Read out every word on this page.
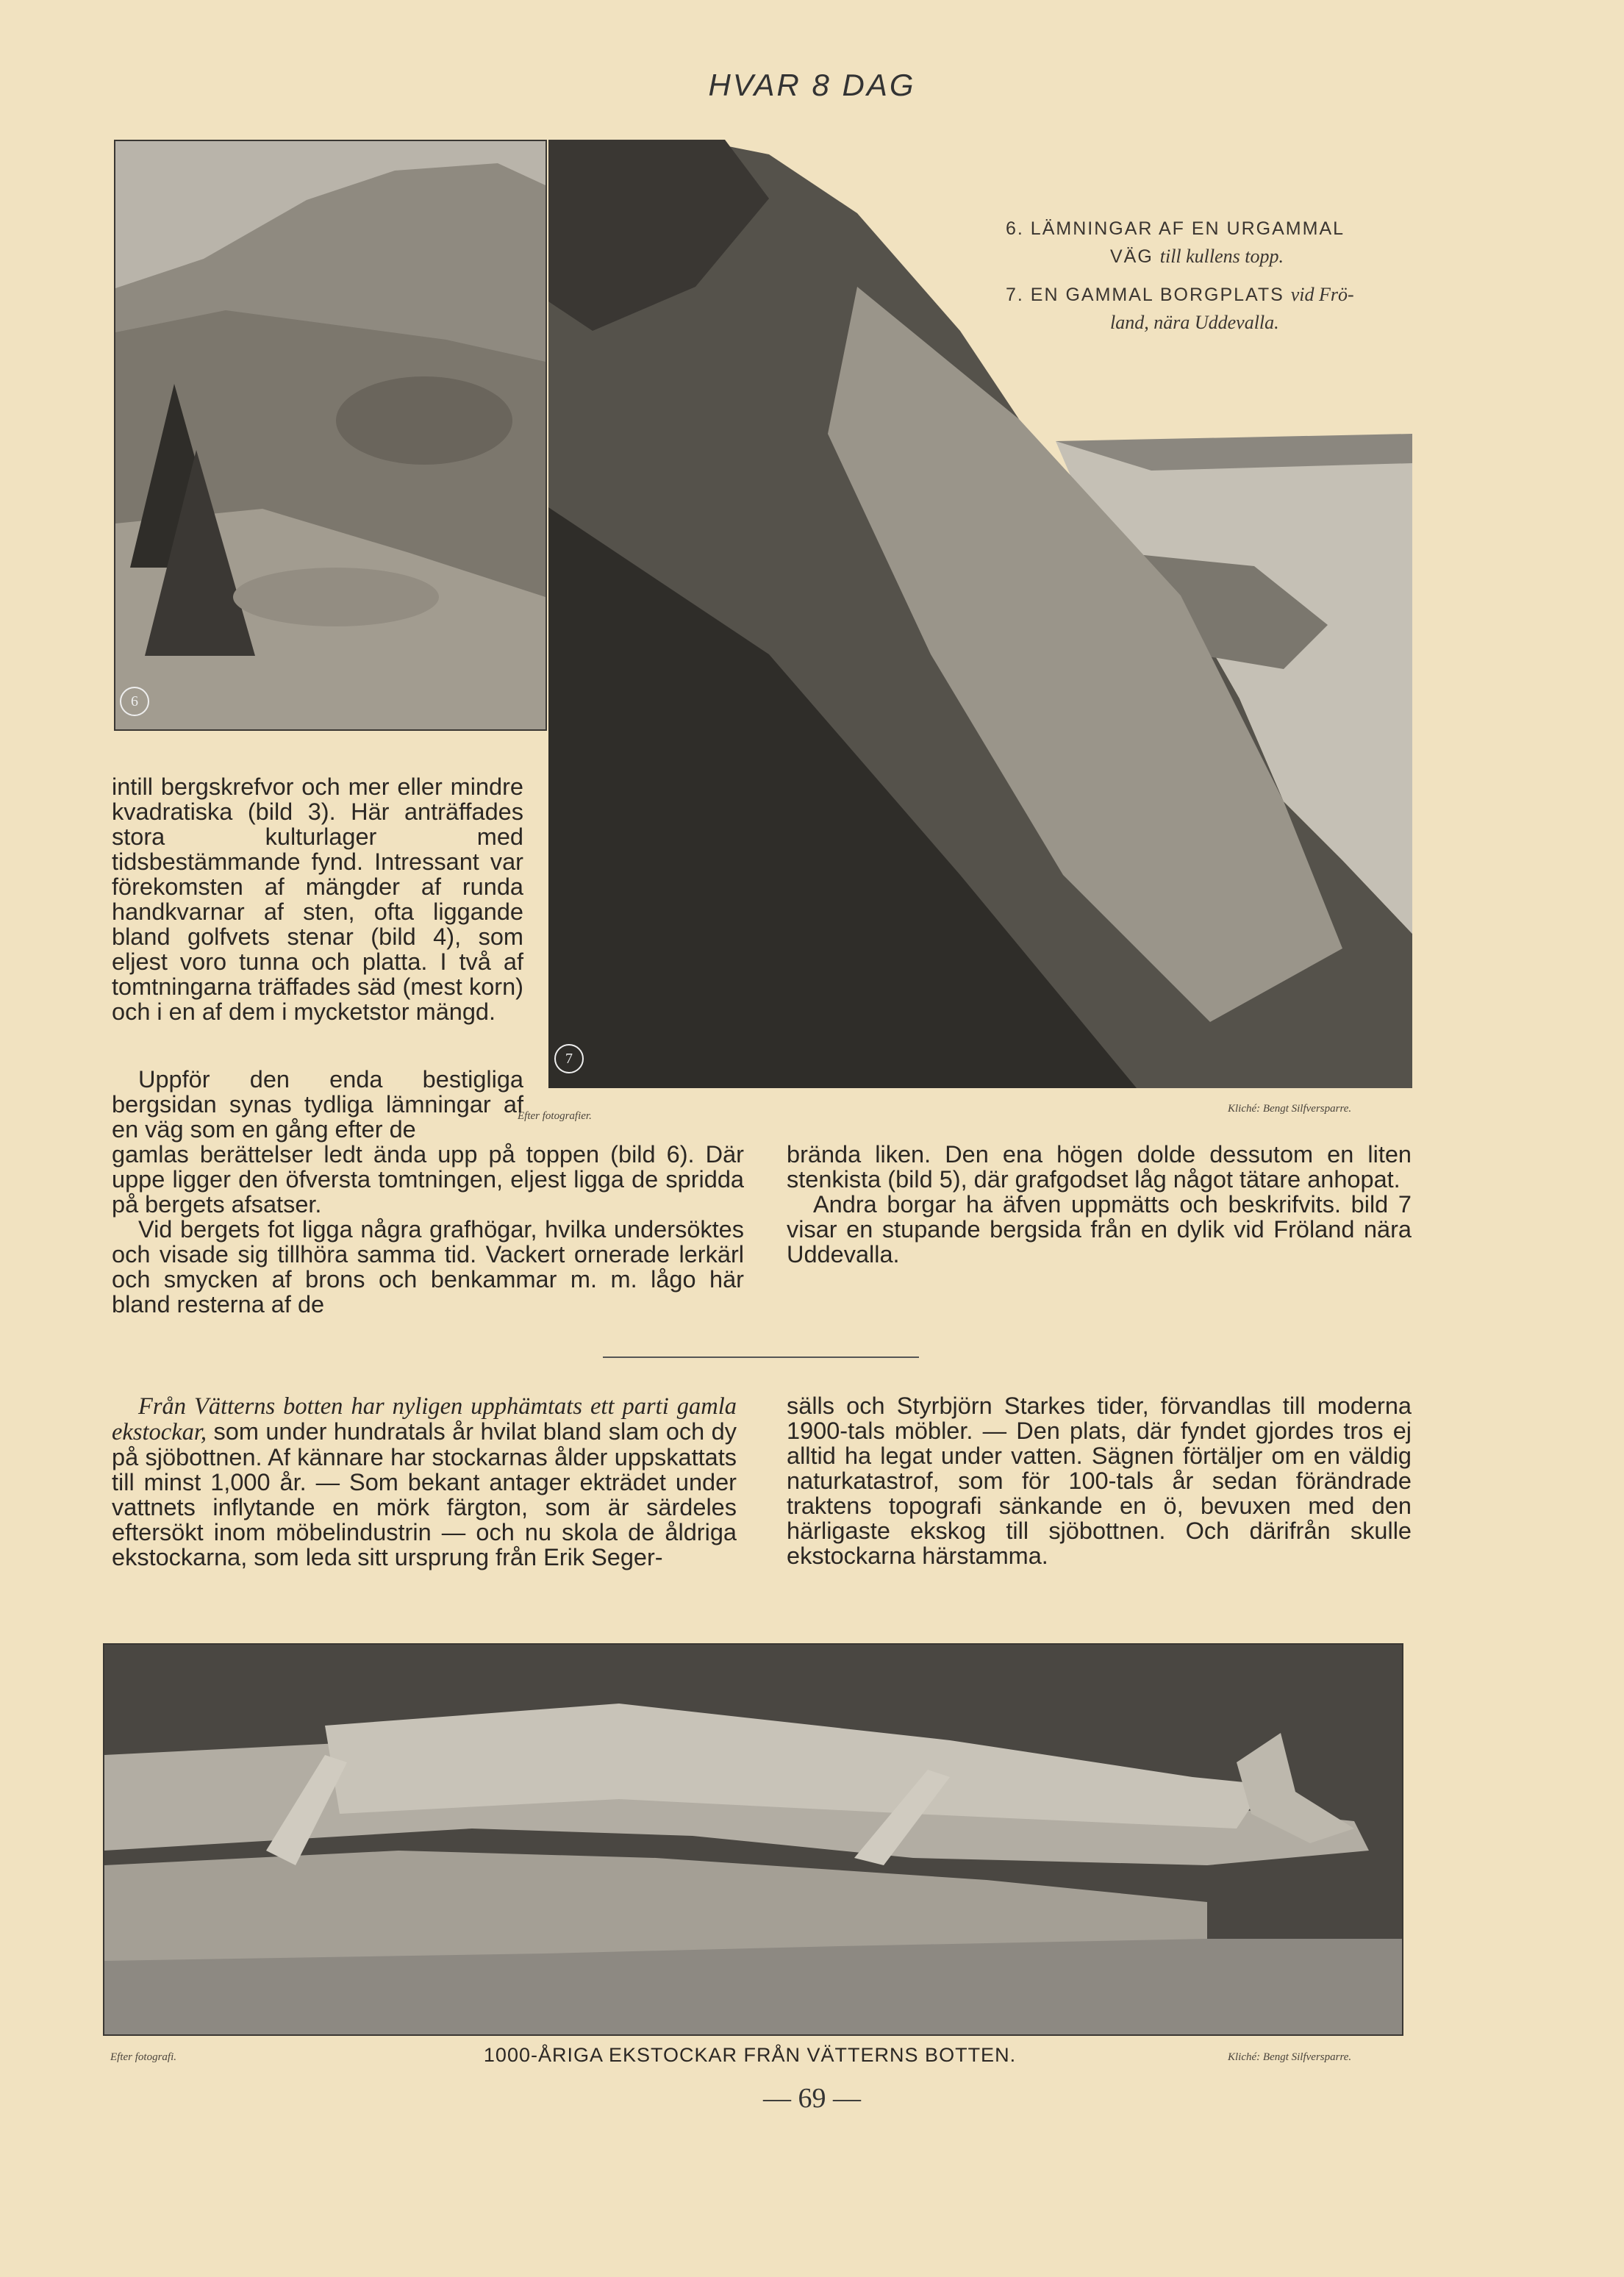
HVAR 8 DAG
6
7
6. LÄMNINGAR AF EN URGAMMAL
VÄG till kullens topp.
7. EN GAMMAL BORGPLATS vid Frö-
land, nära Uddevalla.
Efter fotografier.
Kliché: Bengt Silfversparre.

intill bergskrefvor och mer eller mindre kvadratiska (bild 3). Här anträffades stora kulturlager med tidsbestämmande fynd. Intressant var förekomsten af mängder af runda handkvarnar af sten, ofta liggande bland golfvets stenar (bild 4), som eljest voro tunna och platta. I två af tomtningarna träffades säd (mest korn) och i en af dem i mycketstor mängd.

Uppför den enda bestigliga bergsidan synas tydliga lämningar af en väg som en gång efter de

gamlas berättelser ledt ända upp på toppen (bild 6). Där uppe ligger den öfversta tomtningen, eljest ligga de spridda på bergets afsatser.

Vid bergets fot ligga några grafhögar, hvilka undersöktes och visade sig tillhöra samma tid. Vackert ornerade lerkärl och smycken af brons och benkammar m. m. lågo här bland resterna af de

brända liken. Den ena högen dolde dessutom en liten stenkista (bild 5), där grafgodset låg något tätare anhopat.

Andra borgar ha äfven uppmätts och beskrifvits. bild 7 visar en stupande bergsida från en dylik vid Fröland nära Uddevalla.

Från Vätterns botten har nyligen upphämtats ett parti gamla ekstockar, som under hundratals år hvilat bland slam och dy på sjöbottnen. Af kännare har stockarnas ålder uppskattats till minst 1,000 år. — Som bekant antager ekträdet under vattnets inflytande en mörk färgton, som är särdeles eftersökt inom möbelindustrin — och nu skola de åldriga ekstockarna, som leda sitt ursprung från Erik Seger-

sälls och Styrbjörn Starkes tider, förvandlas till moderna 1900-tals möbler. — Den plats, där fyndet gjordes tros ej alltid ha legat under vatten. Sägnen förtäljer om en väldig naturkatastrof, som för 100-tals år sedan förändrade traktens topografi sänkande en ö, bevuxen med den härligaste ekskog till sjöbottnen. Och därifrån skulle ekstockarna härstamma.

Efter fotografi.	1000-ÅRIGA EKSTOCKAR FRÅN VÄTTERNS BOTTEN.	Kliché: Bengt Silfversparre.
— 69 —
